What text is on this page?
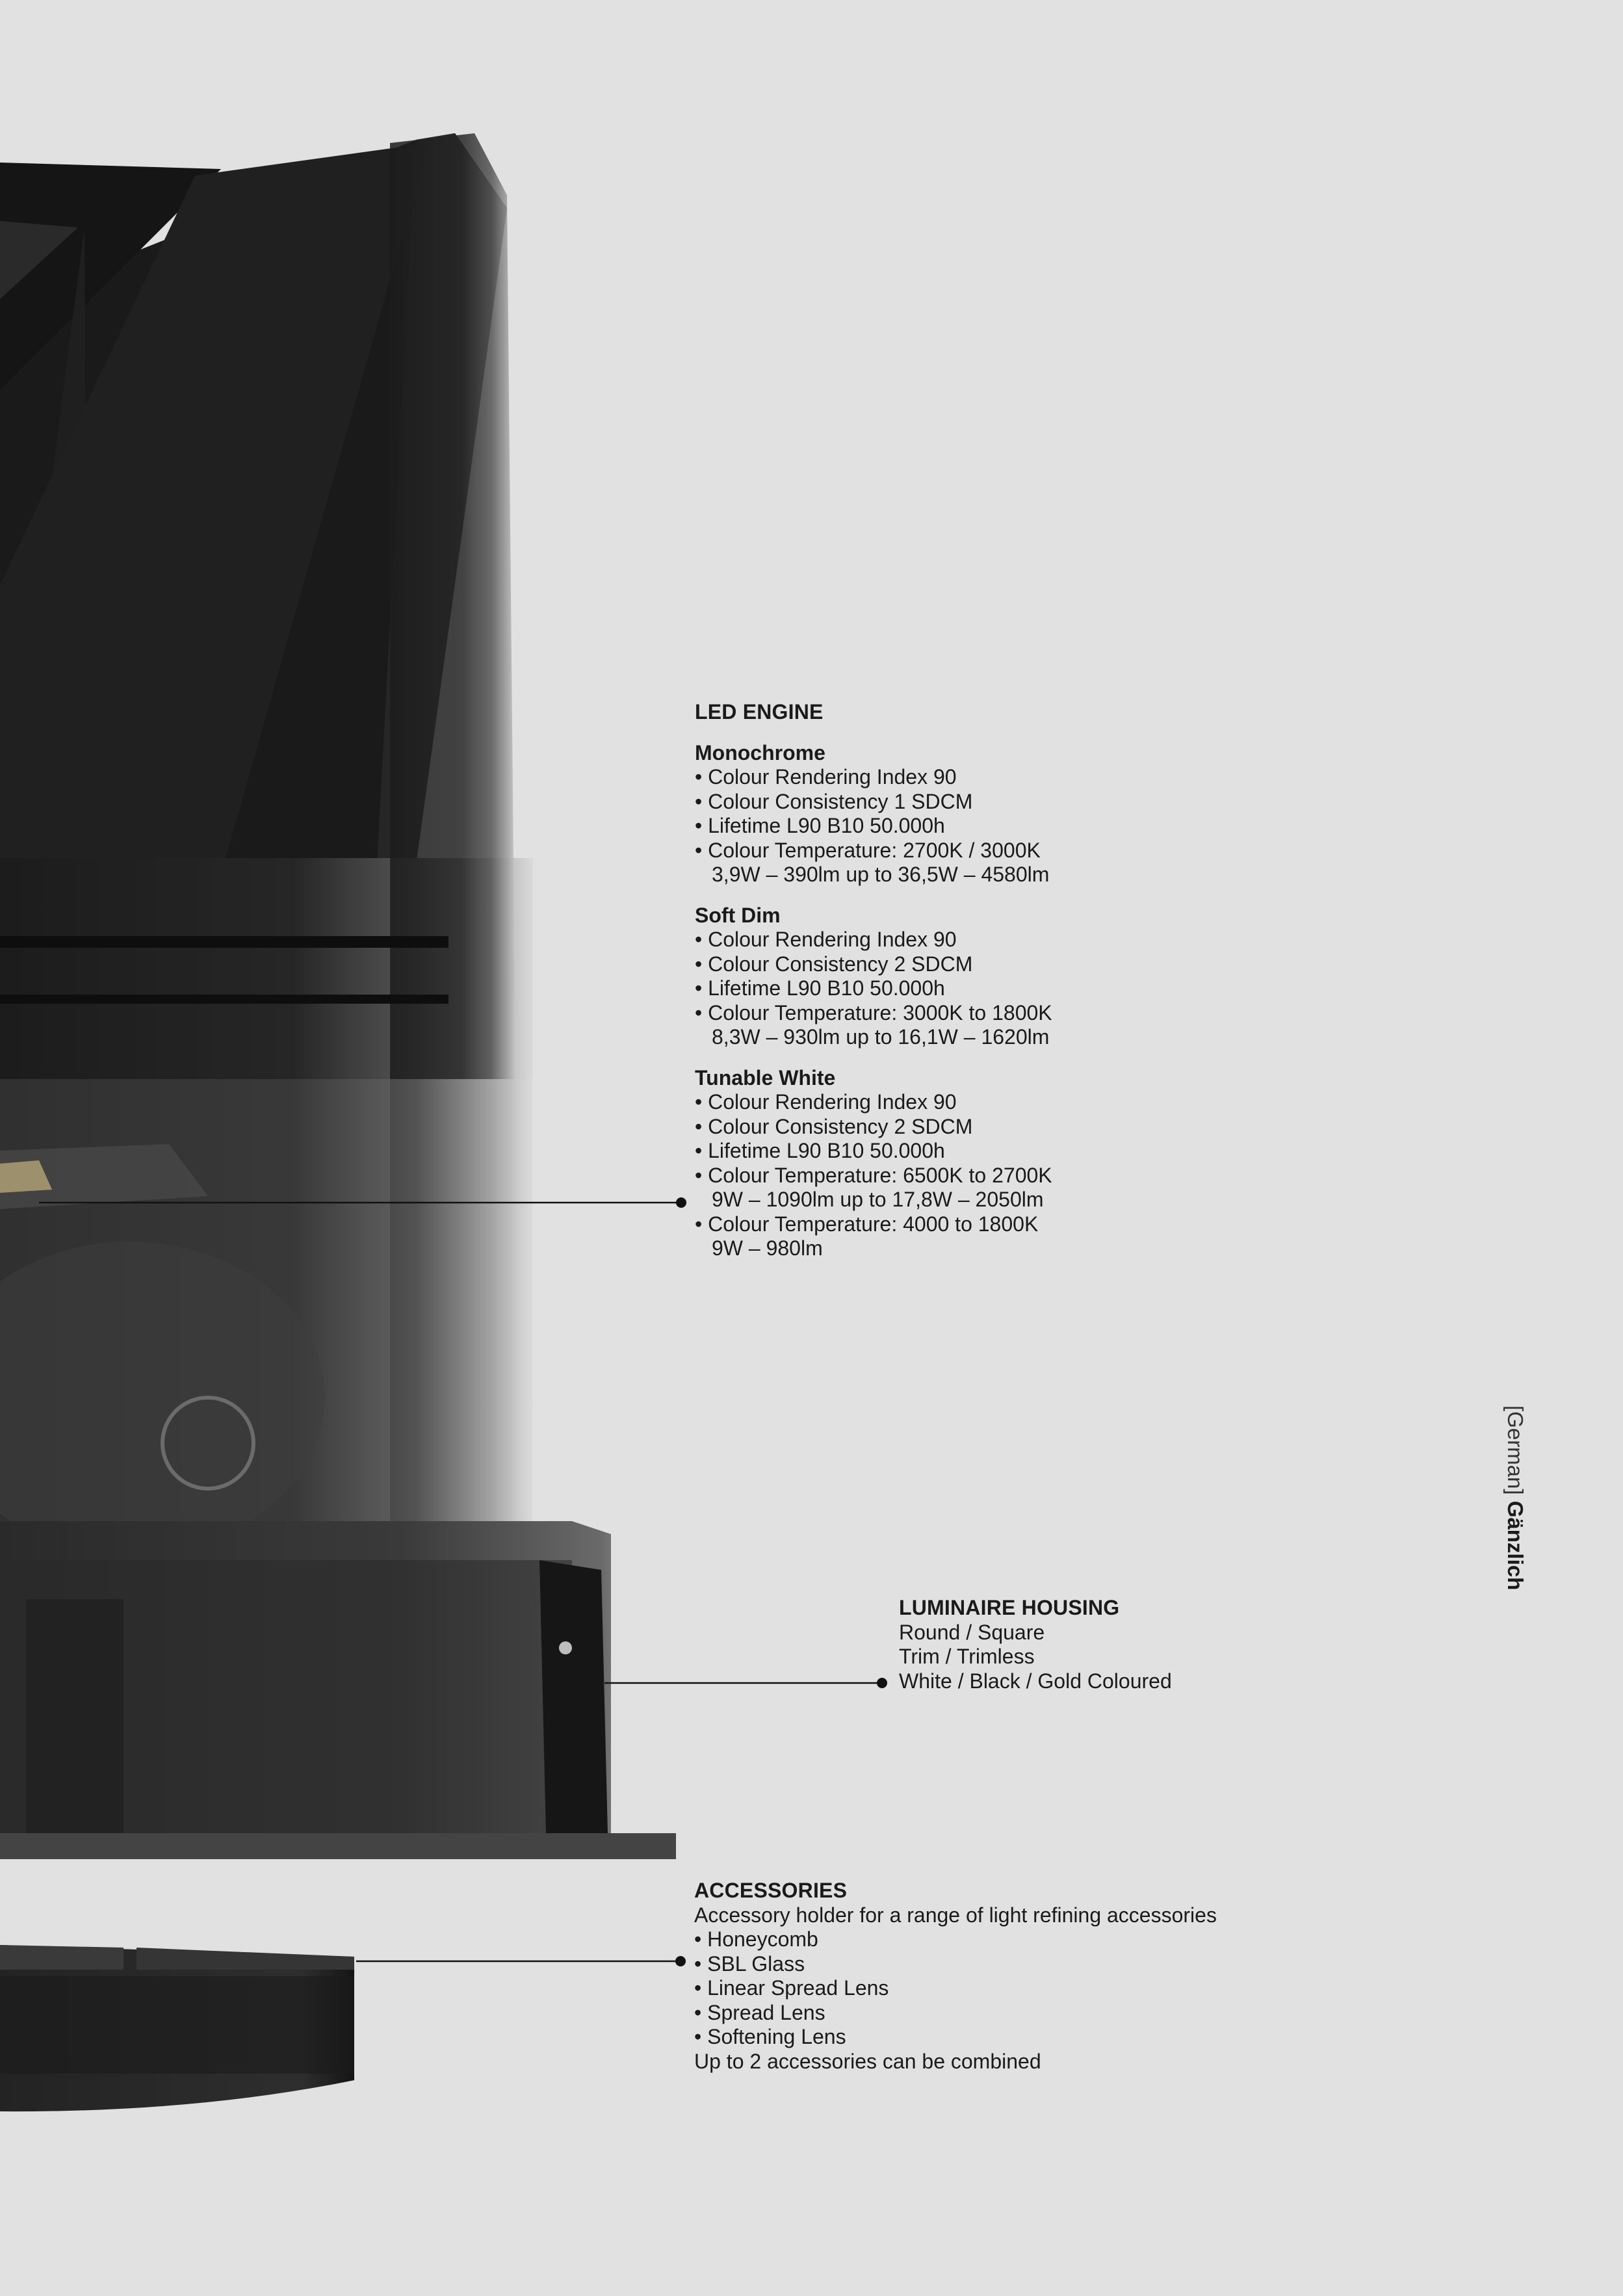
LED ENGINE

Monochrome

• Colour Rendering Index 90

• Colour Consistency 1 SDCM

• Lifetime L90 B10 50.000h

• Colour Temperature: 2700K / 3000K

3,9W – 390lm up to 36,5W – 4580lm

Soft Dim

• Colour Rendering Index 90

• Colour Consistency 2 SDCM

• Lifetime L90 B10 50.000h

• Colour Temperature: 3000K to 1800K

8,3W – 930lm up to 16,1W – 1620lm

Tunable White

• Colour Rendering Index 90

• Colour Consistency 2 SDCM

• Lifetime L90 B10 50.000h

• Colour Temperature: 6500K to 2700K

9W – 1090lm up to 17,8W – 2050lm

• Colour Temperature: 4000 to 1800K

9W – 980lm

LUMINAIRE HOUSING

Round / Square

Trim / Trimless

White / Black / Gold Coloured

ACCESSORIES

Accessory holder for a range of light refining accessories

• Honeycomb

• SBL Glass

• Linear Spread Lens

• Spread Lens

• Softening Lens

Up to 2 accessories can be combined

[German] Gänzlich
